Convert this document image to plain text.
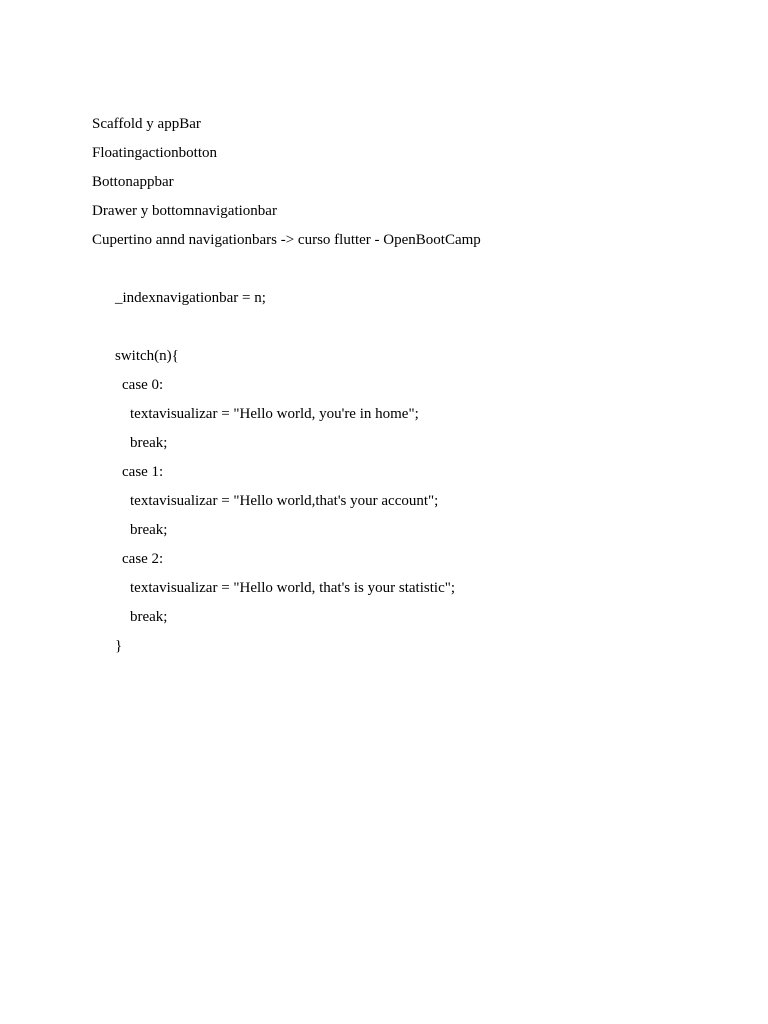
Scaffold y appBar
Floatingactionbotton
Bottonappbar
Drawer y bottomnavigationbar
Cupertino annd navigationbars -> curso flutter - OpenBootCamp
_indexnavigationbar = n;
switch(n){
case 0:
textavisualizar = "Hello world, you're in home";
break;
case 1:
textavisualizar = "Hello world,that's your account";
break;
case 2:
textavisualizar = "Hello world, that's is your statistic";
break;
}
